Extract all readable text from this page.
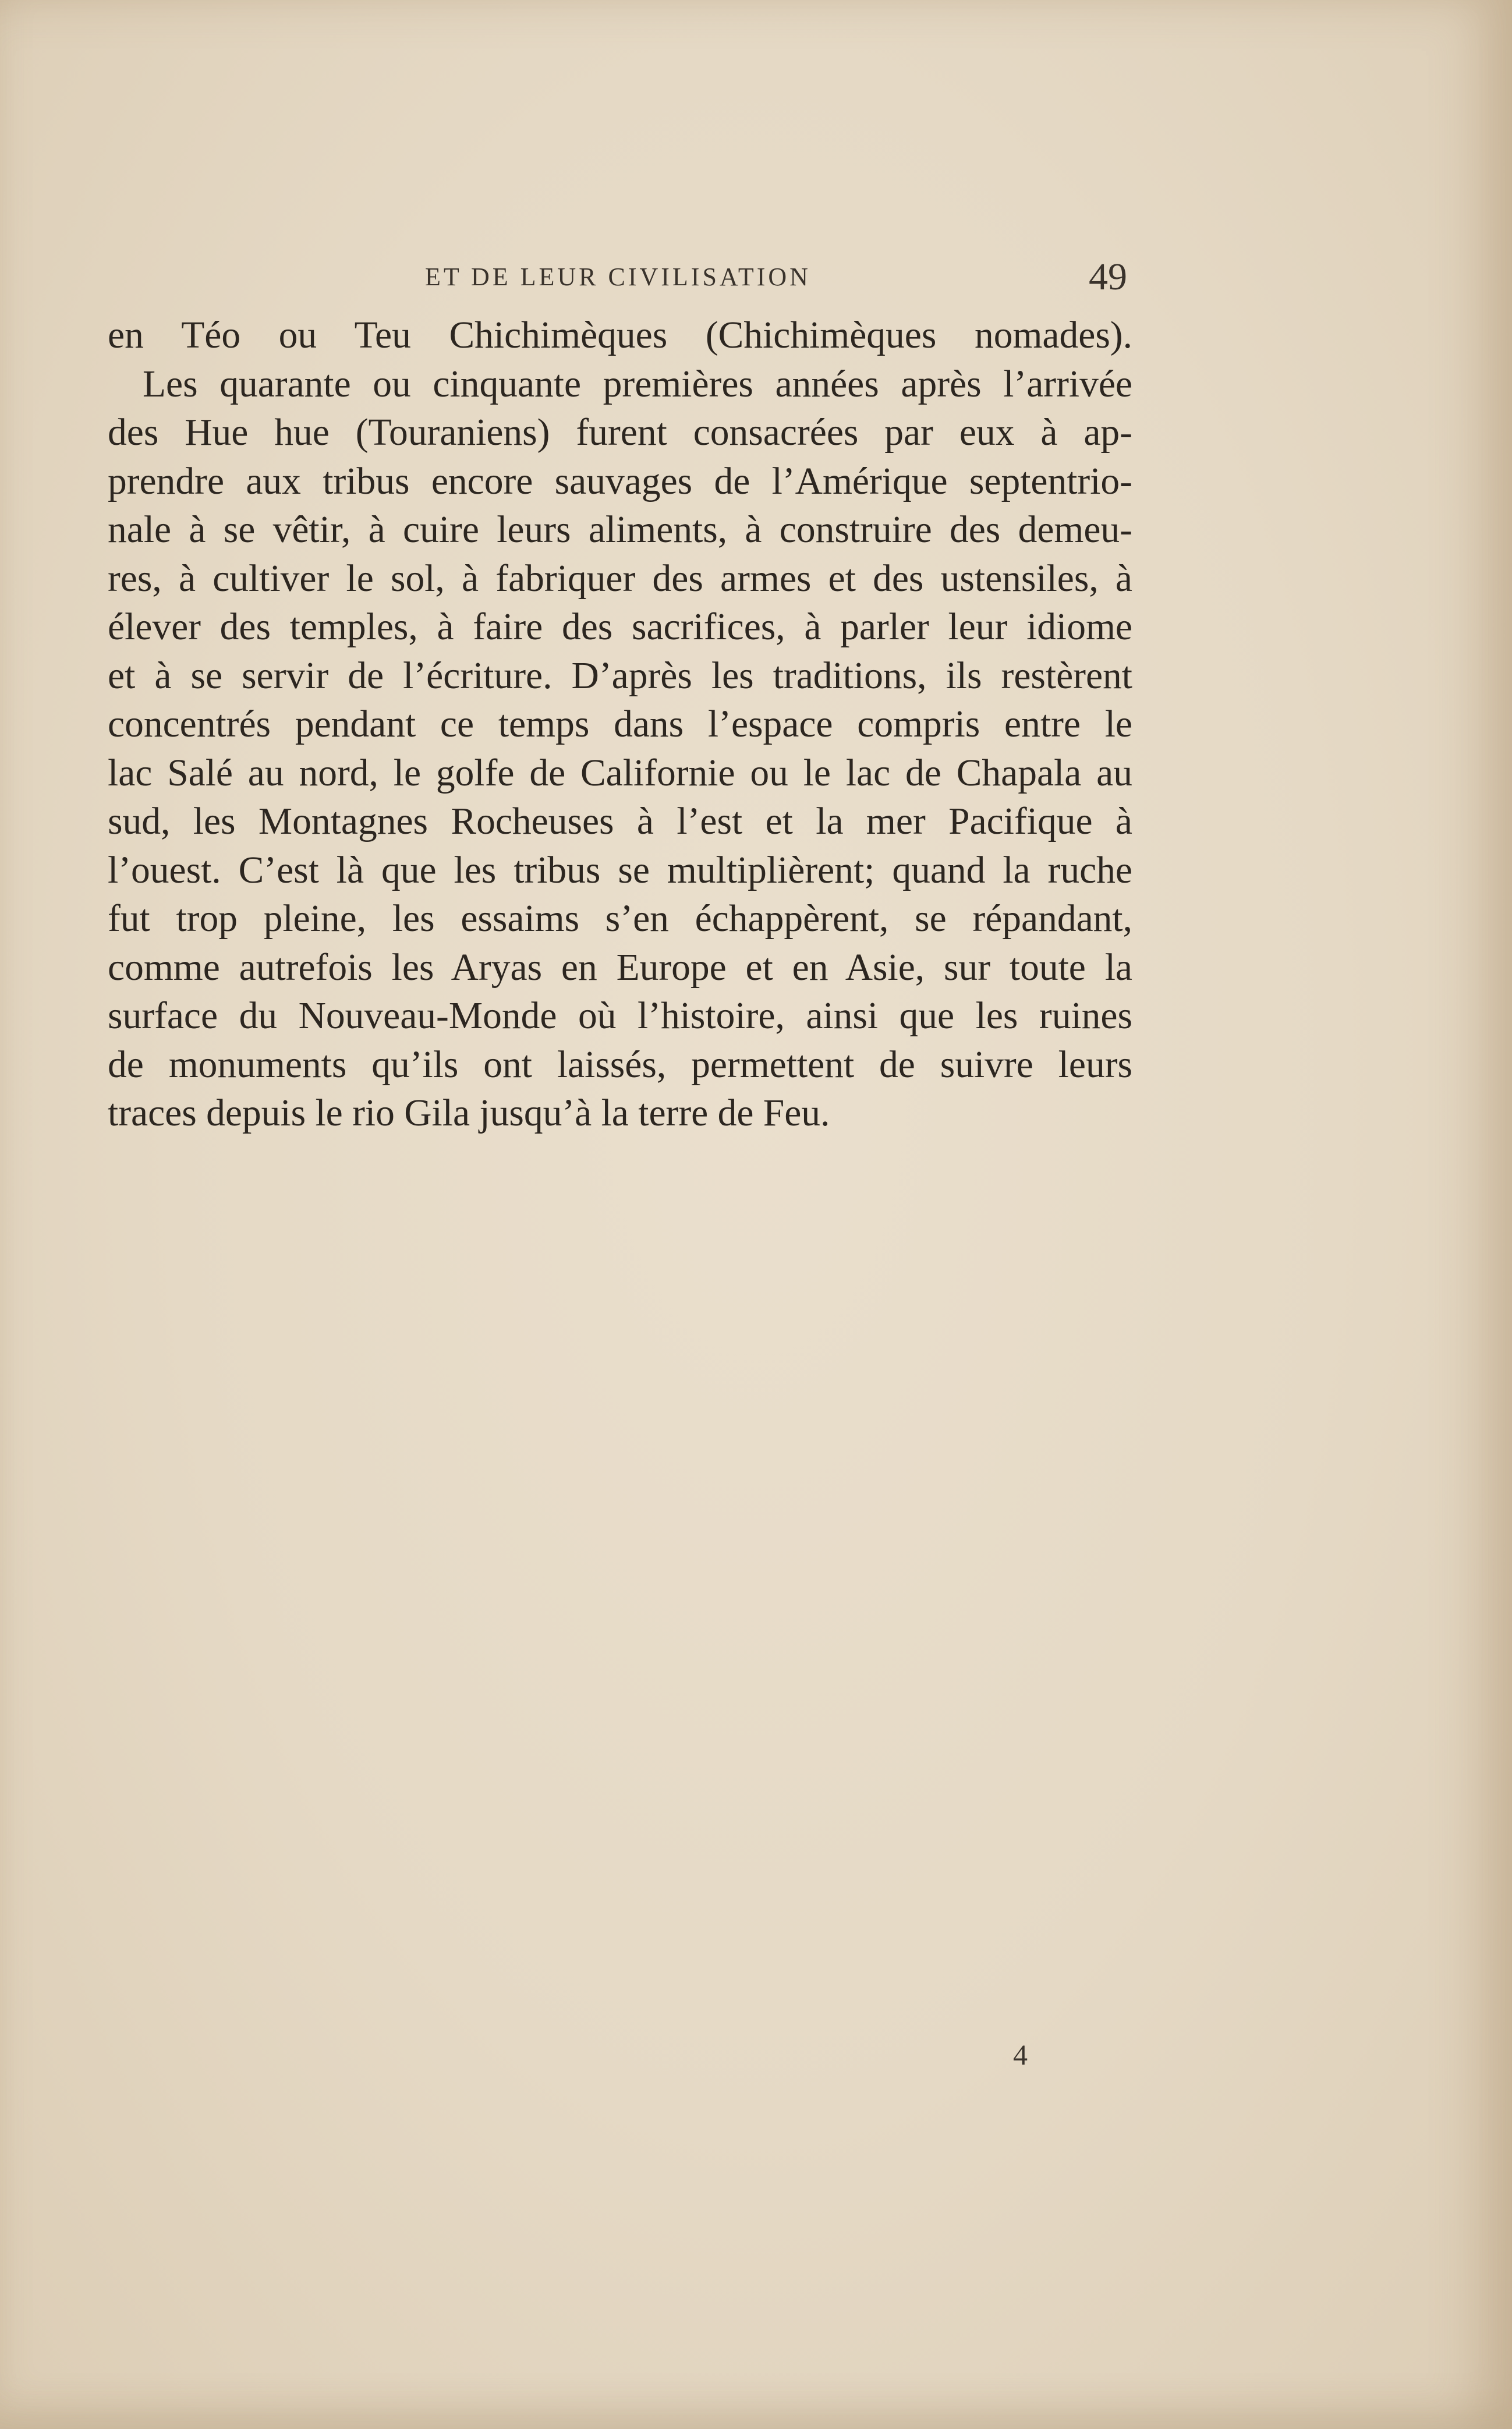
ET DE LEUR CIVILISATION	49
en Téo ou Teu Chichimèques (Chichimèques nomades).
Les quarante ou cinquante premières années après l’arrivée
des Hue hue (Touraniens) furent consacrées par eux à ap-
prendre aux tribus encore sauvages de l’Amérique septentrio-
nale à se vêtir, à cuire leurs aliments, à construire des demeu-
res, à cultiver le sol, à fabriquer des armes et des ustensiles, à
élever des temples, à faire des sacrifices, à parler leur idiome
et à se servir de l’écriture. D’après les traditions, ils restèrent
concentrés pendant ce temps dans l’espace compris entre le
lac Salé au nord, le golfe de Californie ou le lac de Chapala au
sud, les Montagnes Rocheuses à l’est et la mer Pacifique à
l’ouest. C’est là que les tribus se multiplièrent; quand la ruche
fut trop pleine, les essaims s’en échappèrent, se répandant,
comme autrefois les Aryas en Europe et en Asie, sur toute la
surface du Nouveau-Monde où l’histoire, ainsi que les ruines
de monuments qu’ils ont laissés, permettent de suivre leurs
traces depuis le rio Gila jusqu’à la terre de Feu.
4
